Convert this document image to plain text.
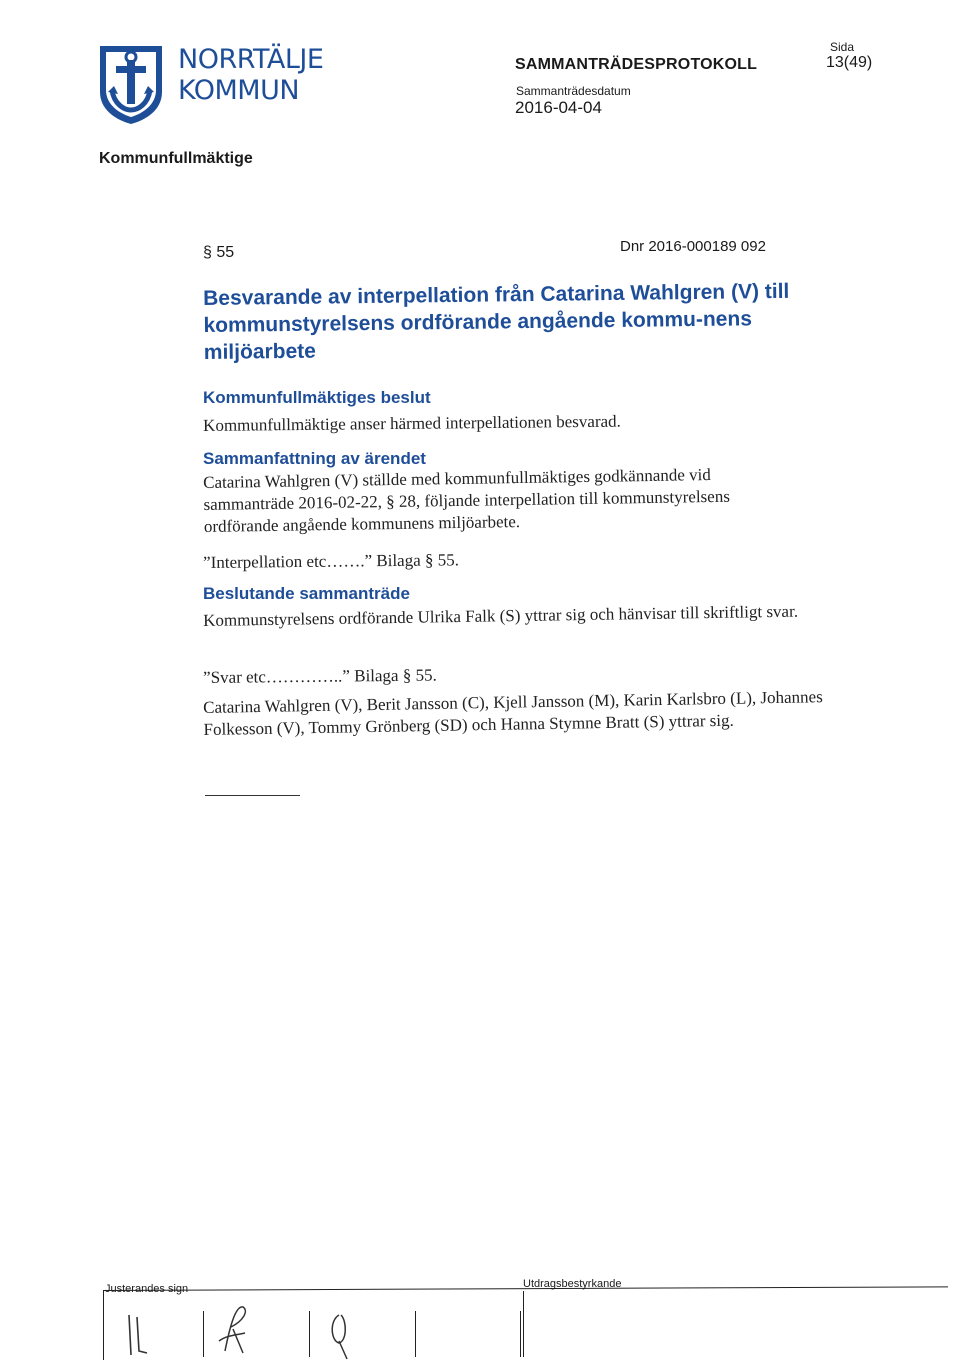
NORRTÄLJE
KOMMUN
SAMMANTRÄDESPROTOKOLL
Sammanträdesdatum
2016-04-04
Sida
13(49)
Kommunfullmäktige
§ 55	Dnr 2016-000189 092
Besvarande av interpellation från Catarina Wahlgren (V) till kommunstyrelsens ordförande angående kommu-nens miljöarbete
Kommunfullmäktiges beslut
Kommunfullmäktige anser härmed interpellationen besvarad.
Sammanfattning av ärendet
Catarina Wahlgren (V) ställde med kommunfullmäktiges godkännande vid sammanträde 2016-02-22, § 28, följande interpellation till kommunstyrelsens ordförande angående kommunens miljöarbete.
”Interpellation etc…….” Bilaga § 55.
Beslutande sammanträde
Kommunstyrelsens ordförande Ulrika Falk (S) yttrar sig och hänvisar till skriftligt svar.
”Svar etc…………..” Bilaga § 55.
Catarina Wahlgren (V), Berit Jansson (C), Kjell Jansson (M), Karin Karlsbro (L), Johannes Folkesson (V), Tommy Grönberg (SD) och Hanna Stymne Bratt (S) yttrar sig.
Justerandes sign	Utdragsbestyrkande
